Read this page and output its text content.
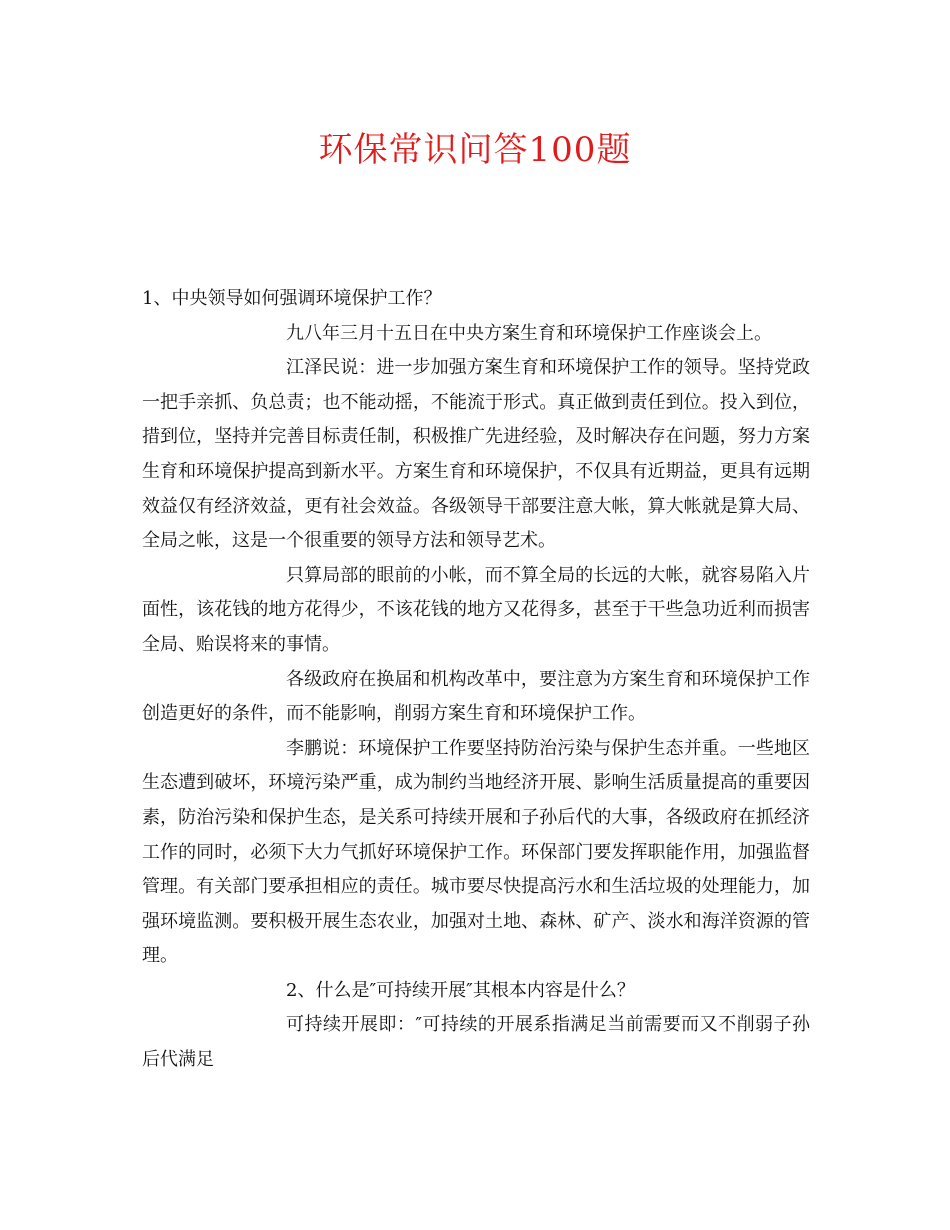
环保常识问答100题

1、中央领导如何强调环境保护工作？

九八年三月十五日在中央方案生育和环境保护工作座谈会上。

江泽民说：进一步加强方案生育和环境保护工作的领导。坚持党政一把手亲抓、负总责；也不能动摇，不能流于形式。真正做到责任到位。投入到位，措到位，坚持并完善目标责任制，积极推广先进经验，及时解决存在问题，努力方案生育和环境保护提高到新水平。方案生育和环境保护，不仅具有近期益，更具有远期效益仅有经济效益，更有社会效益。各级领导干部要注意大帐，算大帐就是算大局、全局之帐，这是一个很重要的领导方法和领导艺术。

只算局部的眼前的小帐，而不算全局的长远的大帐，就容易陷入片面性，该花钱的地方花得少，不该花钱的地方又花得多，甚至于干些急功近利而损害全局、贻误将来的事情。

各级政府在换届和机构改革中，要注意为方案生育和环境保护工作创造更好的条件，而不能影响，削弱方案生育和环境保护工作。

李鹏说：环境保护工作要坚持防治污染与保护生态并重。一些地区生态遭到破坏，环境污染严重，成为制约当地经济开展、影响生活质量提高的重要因素，防治污染和保护生态，是关系可持续开展和子孙后代的大事，各级政府在抓经济工作的同时，必须下大力气抓好环境保护工作。环保部门要发挥职能作用，加强监督管理。有关部门要承担相应的责任。城市要尽快提高污水和生活垃圾的处理能力，加强环境监测。要积极开展生态农业，加强对土地、森林、矿产、淡水和海洋资源的管理。

2、什么是″可持续开展″其根本内容是什么？

可持续开展即：″可持续的开展系指满足当前需要而又不削弱子孙后代满足
